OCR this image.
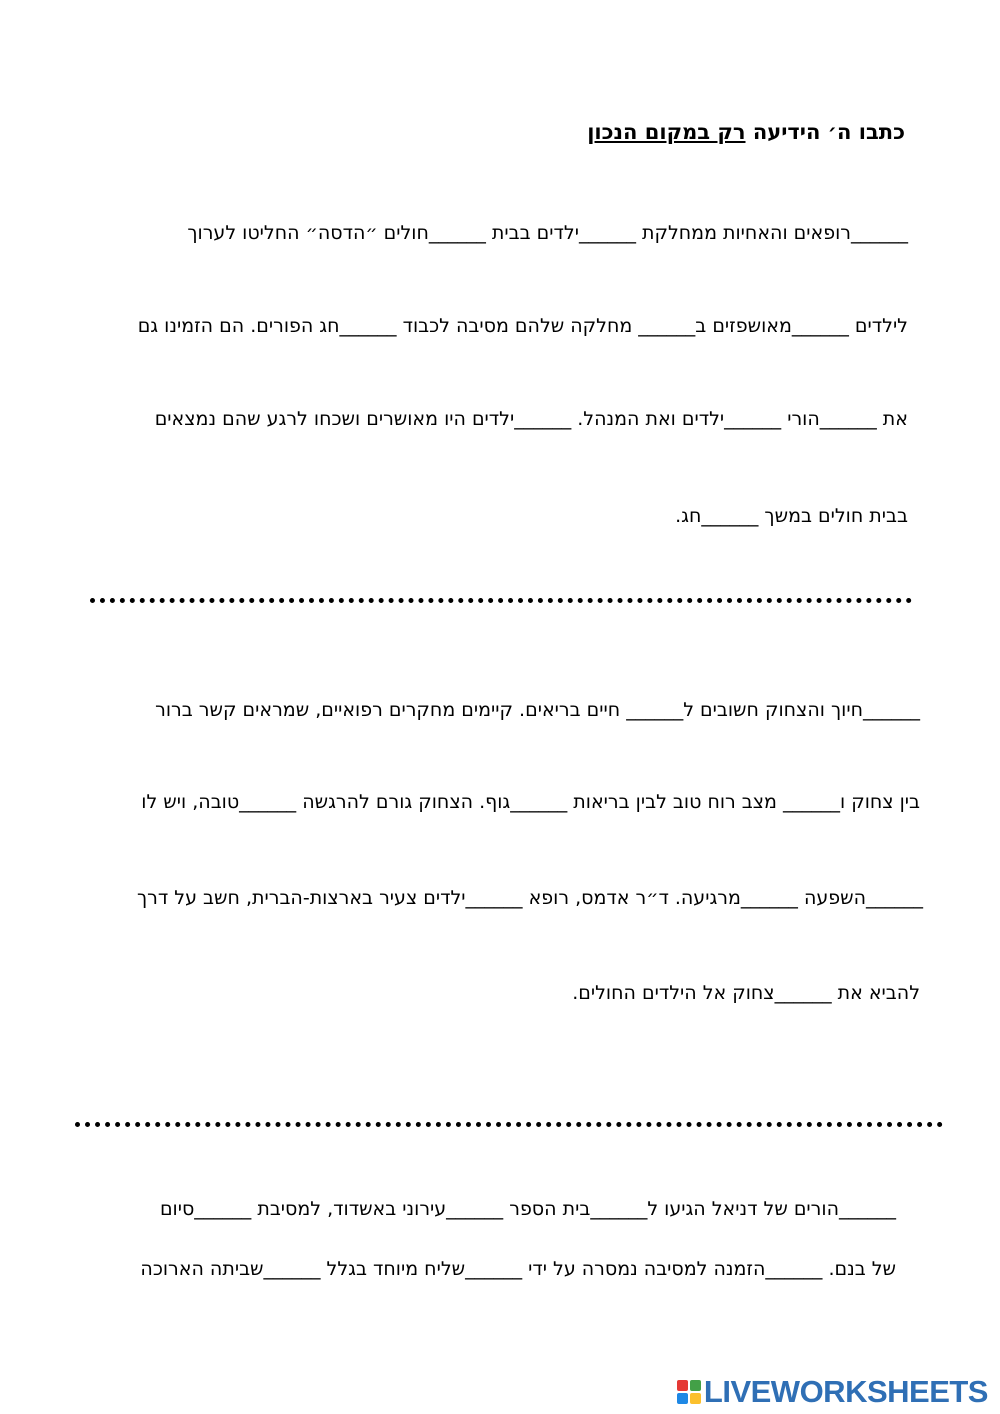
כתבו ה׳ הידיעה רק במקום הנכון
______רופאים והאחיות ממחלקת ______ילדים בבית ______חולים ״הדסה״ החליטו לערוך
לילדים ______מאושפזים ב______ מחלקה שלהם מסיבה לכבוד ______חג הפורים. הם הזמינו גם
את ______הורי ______ילדים ואת המנהל. ______ילדים היו מאושרים ושכחו לרגע שהם נמצאים
בבית חולים במשך ______חג.
______חיוך והצחוק חשובים ל______ חיים בריאים. קיימים מחקרים רפואיים, שמראים קשר ברור
בין צחוק ו______ מצב רוח טוב לבין בריאות ______גוף. הצחוק גורם להרגשה ______טובה, ויש לו
______השפעה ______מרגיעה. ד״ר אדמס, רופא ______ילדים צעיר בארצות-הברית, חשב על דרך
להביא את ______צחוק אל הילדים החולים.
______הורים של דניאל הגיעו ל______בית הספר ______עירוני באשדוד, למסיבת ______סיום
של בנם. ______הזמנה למסיבה נמסרה על ידי ______שליח מיוחד בגלל ______שביתה הארוכה
LIVEWORKSHEETS
